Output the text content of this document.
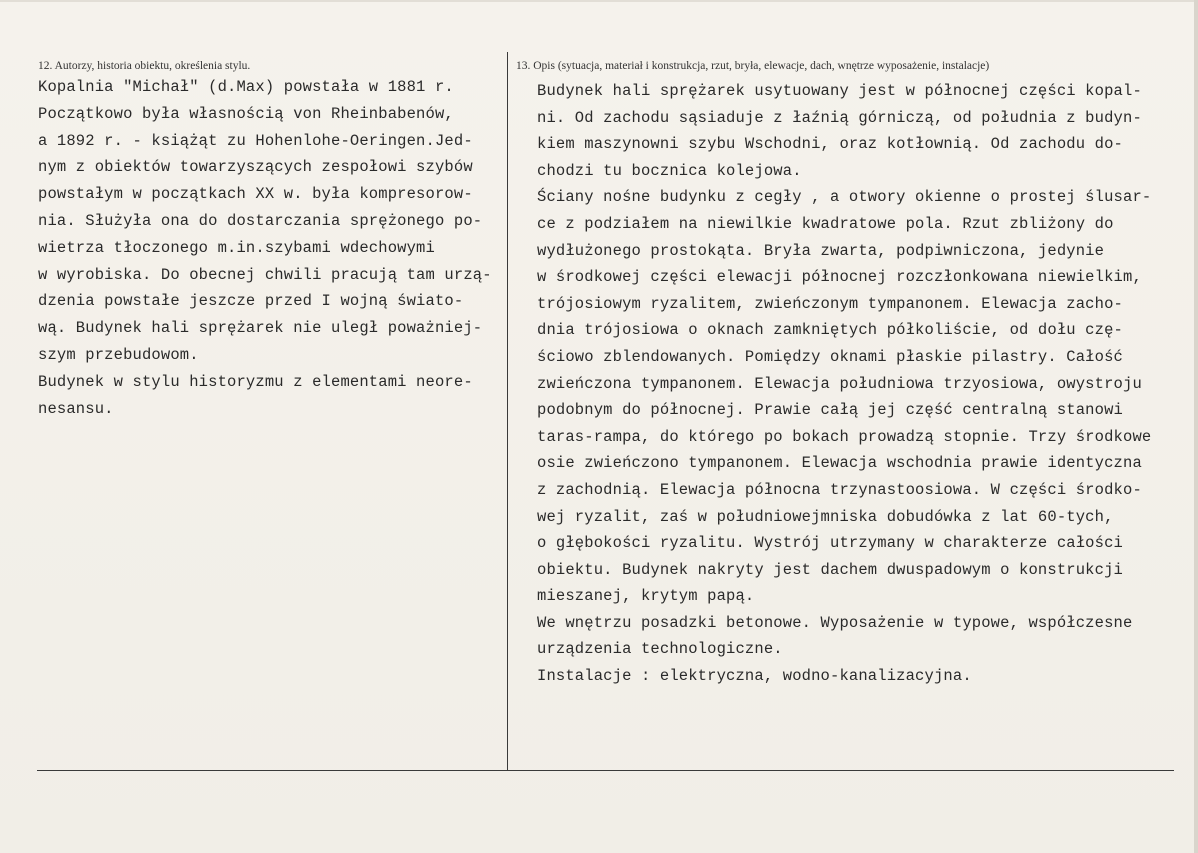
12. Autorzy, historia obiektu, określenia stylu.	13. Opis (sytuacja, materiał i konstrukcja, rzut, bryła, elewacje, dach, wnętrze wyposażenie, instalacje)
Kopalnia "Michał" (d.Max) powstała w 1881 r.
Początkowo była własnością von Rheinbabenów,
a 1892 r. - książąt zu Hohenlohe-Oeringen.Jed-
nym z obiektów towarzyszących zespołowi szybów
powstałym w początkach XX w. była kompresorow-
nia. Służyła ona do dostarczania sprężonego po-
wietrza tłoczonego m.in.szybami wdechowymi
w wyrobiska. Do obecnej chwili pracują tam urzą-
dzenia powstałe jeszcze przed I wojną świato-
wą. Budynek hali sprężarek nie uległ poważniej-
szym przebudowom.
Budynek w stylu historyzmu z elementami neore-
nesansu.
Budynek hali sprężarek usytuowany jest w północnej części kopal-
ni. Od zachodu sąsiaduje z łaźnią górniczą, od południa z budyn-
kiem maszynowni szybu Wschodni, oraz kotłownią. Od zachodu do-
chodzi tu bocznica kolejowa.
Ściany nośne budynku z cegły , a otwory okienne o prostej ślusar-
ce z podziałem na niewilkie kwadratowe pola. Rzut zbliżony do
wydłużonego prostokąta. Bryła zwarta, podpiwniczona, jedynie
w środkowej części elewacji północnej rozczłonkowana niewielkim,
trójosiowym ryzalitem, zwieńczonym tympanonem. Elewacja zacho-
dnia trójosiowa o oknach zamkniętych półkoliście, od dołu czę-
ściowo zblendowanych. Pomiędzy oknami płaskie pilastry. Całość
zwieńczona tympanonem. Elewacja południowa trzyosiowa, owystroju
podobnym do północnej. Prawie całą jej część centralną stanowi
taras-rampa, do którego po bokach prowadzą stopnie. Trzy środkowe
osie zwieńczono tympanonem. Elewacja wschodnia prawie identyczna
z zachodnią. Elewacja północna trzynastoosiowa. W części środko-
wej ryzalit, zaś w południowejmniska dobudówka z lat 60-tych,
o głębokości ryzalitu. Wystrój utrzymany w charakterze całości
obiektu. Budynek nakryty jest dachem dwuspadowym o konstrukcji
mieszanej, krytym papą.
We wnętrzu posadzki betonowe. Wyposażenie w typowe, współczesne
urządzenia technologiczne.
Instalacje : elektryczna, wodno-kanalizacyjna.
